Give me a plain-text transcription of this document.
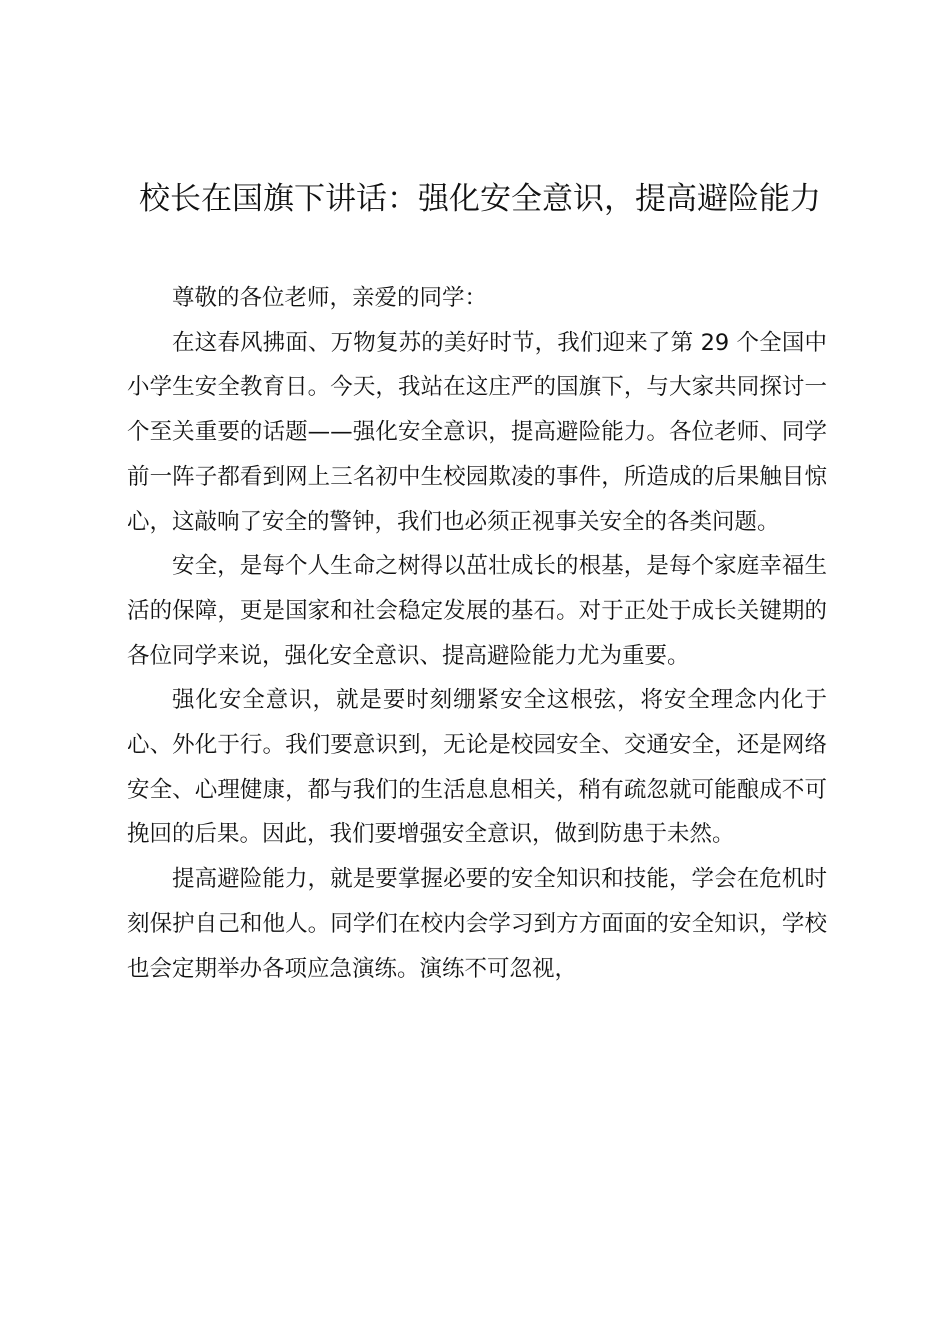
校长在国旗下讲话：强化安全意识，提高避险能力

尊敬的各位老师，亲爱的同学：

在这春风拂面、万物复苏的美好时节，我们迎来了第 29 个全国中小学生安全教育日。今天，我站在这庄严的国旗下，与大家共同探讨一个至关重要的话题——强化安全意识，提高避险能力。各位老师、同学前一阵子都看到网上三名初中生校园欺凌的事件，所造成的后果触目惊心，这敲响了安全的警钟，我们也必须正视事关安全的各类问题。

安全，是每个人生命之树得以茁壮成长的根基，是每个家庭幸福生活的保障，更是国家和社会稳定发展的基石。对于正处于成长关键期的各位同学来说，强化安全意识、提高避险能力尤为重要。

强化安全意识，就是要时刻绷紧安全这根弦，将安全理念内化于心、外化于行。我们要意识到，无论是校园安全、交通安全，还是网络安全、心理健康，都与我们的生活息息相关，稍有疏忽就可能酿成不可挽回的后果。因此，我们要增强安全意识，做到防患于未然。

提高避险能力，就是要掌握必要的安全知识和技能，学会在危机时刻保护自己和他人。同学们在校内会学习到方方面面的安全知识，学校也会定期举办各项应急演练。演练不可忽视，
